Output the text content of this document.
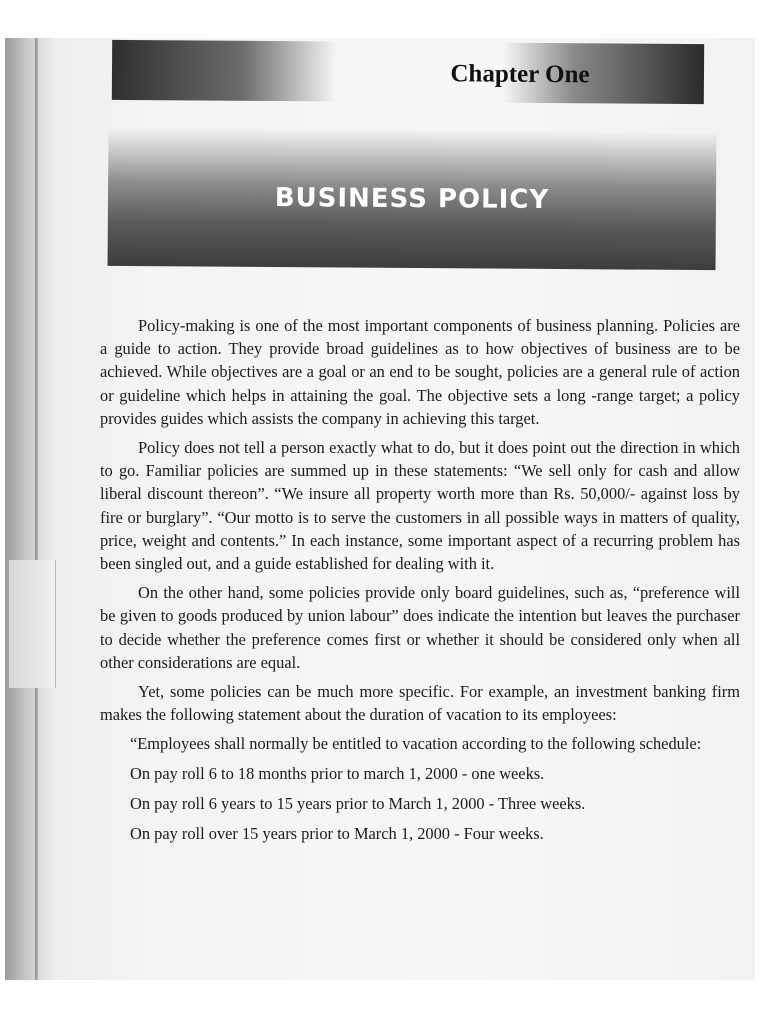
Chapter One
BUSINESS POLICY

Policy-making is one of the most important components of business planning. Policies are a guide to action. They provide broad guidelines as to how objectives of business are to be achieved. While objectives are a goal or an end to be sought, policies are a general rule of action or guideline which helps in attaining the goal. The objective sets a long -range target; a policy provides guides which assists the company in achieving this target.

Policy does not tell a person exactly what to do, but it does point out the direction in which to go. Familiar policies are summed up in these statements: “We sell only for cash and allow liberal discount thereon”. “We insure all property worth more than Rs. 50,000/- against loss by fire or burglary”. “Our motto is to serve the customers in all possible ways in matters of quality, price, weight and contents.” In each instance, some important aspect of a recurring problem has been singled out, and a guide established for dealing with it.

On the other hand, some policies provide only board guidelines, such as, “preference will be given to goods produced by union labour” does indicate the intention but leaves the purchaser to decide whether the preference comes first or whether it should be considered only when all other considerations are equal.

Yet, some policies can be much more specific. For example, an investment banking firm makes the following statement about the duration of vacation to its employees:

“Employees shall normally be entitled to vacation according to the following schedule:

On pay roll 6 to 18 months prior to march 1, 2000 - one weeks.
On pay roll 6 years to 15 years prior to March 1, 2000 - Three weeks.
On pay roll over 15 years prior to March 1, 2000 - Four weeks.
